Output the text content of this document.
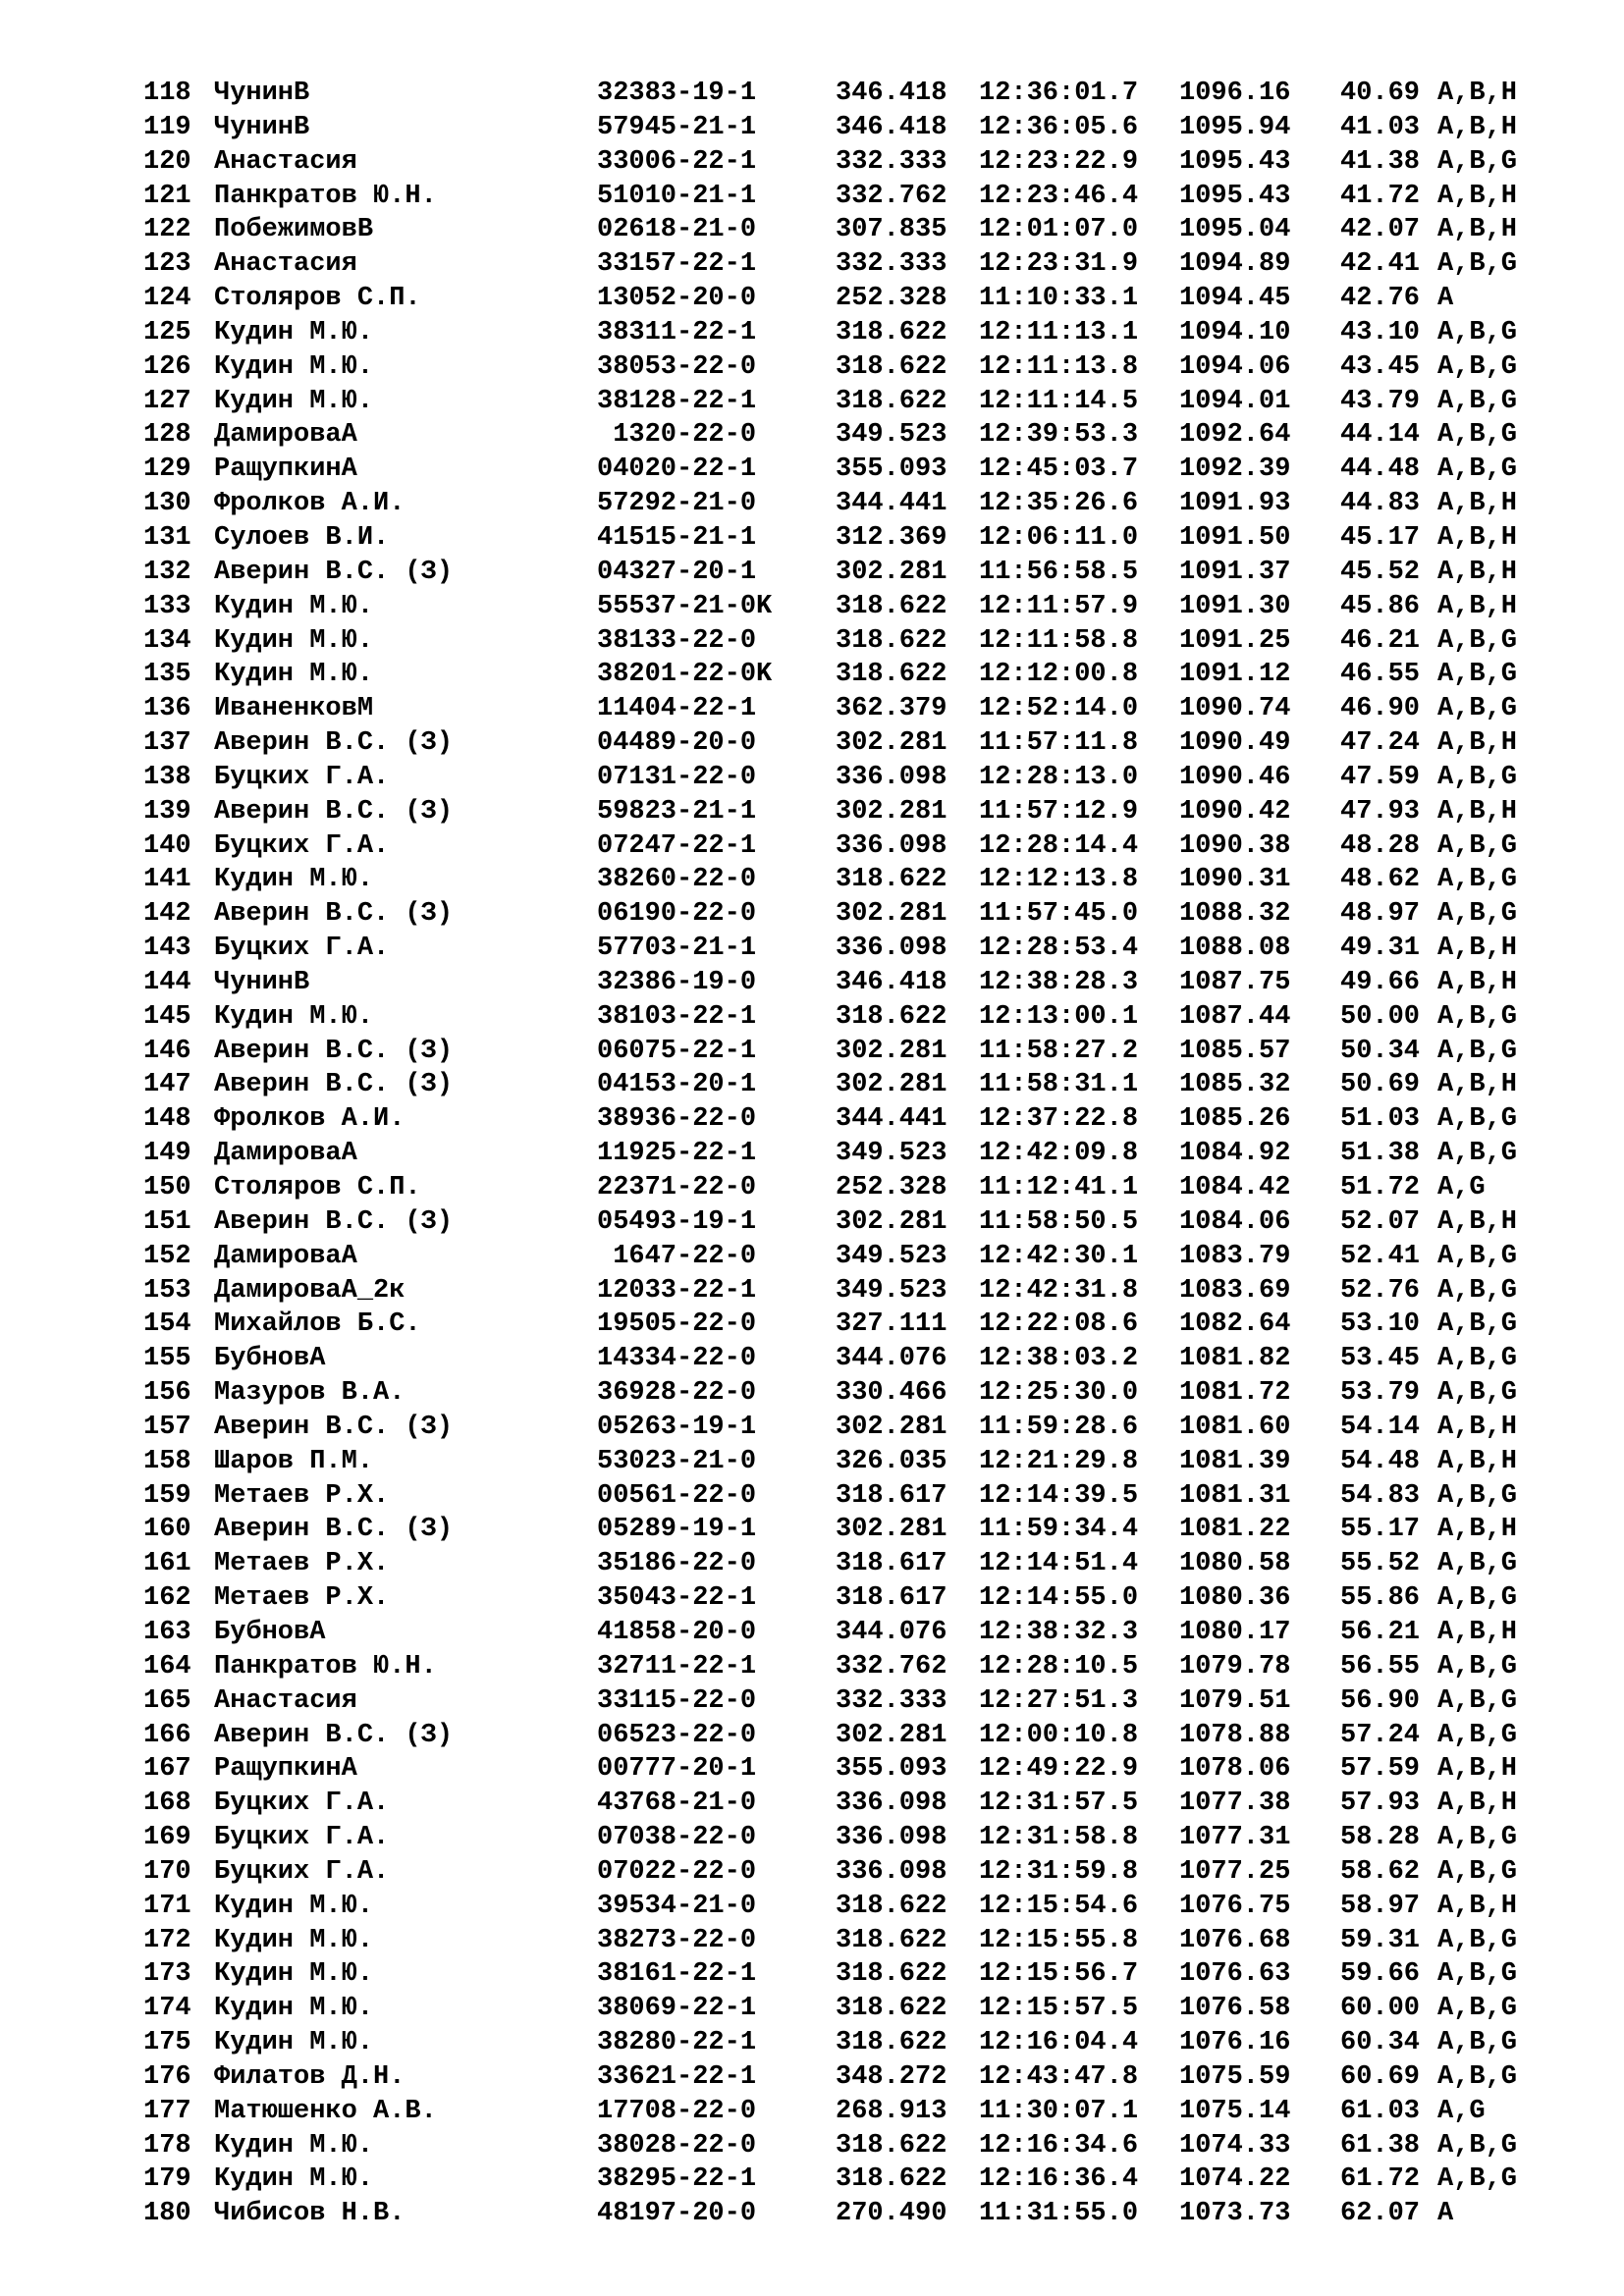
118 ЧунинВ	32383-19-1	346.418 12:36:01.7 1096.16 40.69 A,B,H
119 ЧунинВ	57945-21-1	346.418 12:36:05.6 1095.94 41.03 A,B,H
120 Анастасия	33006-22-1	332.333 12:23:22.9 1095.43 41.38 A,B,G
121 Панкратов Ю.Н.	51010-21-1	332.762 12:23:46.4 1095.43 41.72 A,B,H
122 ПобежимовВ	02618-21-0	307.835 12:01:07.0 1095.04 42.07 A,B,H
123 Анастасия	33157-22-1	332.333 12:23:31.9 1094.89 42.41 A,B,G
124 Столяров С.П.	13052-20-0	252.328 11:10:33.1 1094.45 42.76 A
125 Кудин М.Ю.	38311-22-1	318.622 12:11:13.1 1094.10 43.10 A,B,G
126 Кудин М.Ю.	38053-22-0	318.622 12:11:13.8 1094.06 43.45 A,B,G
127 Кудин М.Ю.	38128-22-1	318.622 12:11:14.5 1094.01 43.79 A,B,G
128 ДамироваА	1320-22-0	349.523 12:39:53.3 1092.64 44.14 A,B,G
129 РащупкинА	04020-22-1	355.093 12:45:03.7 1092.39 44.48 A,B,G
130 Фролков А.И.	57292-21-0	344.441 12:35:26.6 1091.93 44.83 A,B,H
131 Сулоев В.И.	41515-21-1	312.369 12:06:11.0 1091.50 45.17 A,B,H
132 Аверин В.С. (З)	04327-20-1	302.281 11:56:58.5 1091.37 45.52 A,B,H
133 Кудин М.Ю.	55537-21-0K 318.622 12:11:57.9 1091.30 45.86 A,B,H
134 Кудин М.Ю.	38133-22-0	318.622 12:11:58.8 1091.25 46.21 A,B,G
135 Кудин М.Ю.	38201-22-0K 318.622 12:12:00.8 1091.12 46.55 A,B,G
136 ИваненковМ	11404-22-1	362.379 12:52:14.0 1090.74 46.90 A,B,G
137 Аверин В.С. (З)	04489-20-0	302.281 11:57:11.8 1090.49 47.24 A,B,H
138 Буцких Г.А.	07131-22-0	336.098 12:28:13.0 1090.46 47.59 A,B,G
139 Аверин В.С. (З)	59823-21-1	302.281 11:57:12.9 1090.42 47.93 A,B,H
140 Буцких Г.А.	07247-22-1	336.098 12:28:14.4 1090.38 48.28 A,B,G
141 Кудин М.Ю.	38260-22-0	318.622 12:12:13.8 1090.31 48.62 A,B,G
142 Аверин В.С. (З)	06190-22-0	302.281 11:57:45.0 1088.32 48.97 A,B,G
143 Буцких Г.А.	57703-21-1	336.098 12:28:53.4 1088.08 49.31 A,B,H
144 ЧунинВ	32386-19-0	346.418 12:38:28.3 1087.75 49.66 A,B,H
145 Кудин М.Ю.	38103-22-1	318.622 12:13:00.1 1087.44 50.00 A,B,G
146 Аверин В.С. (З)	06075-22-1	302.281 11:58:27.2 1085.57 50.34 A,B,G
147 Аверин В.С. (З)	04153-20-1	302.281 11:58:31.1 1085.32 50.69 A,B,H
148 Фролков А.И.	38936-22-0	344.441 12:37:22.8 1085.26 51.03 A,B,G
149 ДамироваА	11925-22-1	349.523 12:42:09.8 1084.92 51.38 A,B,G
150 Столяров С.П.	22371-22-0	252.328 11:12:41.1 1084.42 51.72 A,G
151 Аверин В.С. (З)	05493-19-1	302.281 11:58:50.5 1084.06 52.07 A,B,H
152 ДамироваА	1647-22-0	349.523 12:42:30.1 1083.79 52.41 A,B,G
153 ДамироваА_2к	12033-22-1	349.523 12:42:31.8 1083.69 52.76 A,B,G
154 Михайлов Б.С.	19505-22-0	327.111 12:22:08.6 1082.64 53.10 A,B,G
155 БубновА	14334-22-0	344.076 12:38:03.2 1081.82 53.45 A,B,G
156 Мазуров В.А.	36928-22-0	330.466 12:25:30.0 1081.72 53.79 A,B,G
157 Аверин В.С. (З)	05263-19-1	302.281 11:59:28.6 1081.60 54.14 A,B,H
158 Шаров П.М.	53023-21-0	326.035 12:21:29.8 1081.39 54.48 A,B,H
159 Метаев Р.Х.	00561-22-0	318.617 12:14:39.5 1081.31 54.83 A,B,G
160 Аверин В.С. (З)	05289-19-1	302.281 11:59:34.4 1081.22 55.17 A,B,H
161 Метаев Р.Х.	35186-22-0	318.617 12:14:51.4 1080.58 55.52 A,B,G
162 Метаев Р.Х.	35043-22-1	318.617 12:14:55.0 1080.36 55.86 A,B,G
163 БубновА	41858-20-0	344.076 12:38:32.3 1080.17 56.21 A,B,H
164 Панкратов Ю.Н.	32711-22-1	332.762 12:28:10.5 1079.78 56.55 A,B,G
165 Анастасия	33115-22-0	332.333 12:27:51.3 1079.51 56.90 A,B,G
166 Аверин В.С. (З)	06523-22-0	302.281 12:00:10.8 1078.88 57.24 A,B,G
167 РащупкинА	00777-20-1	355.093 12:49:22.9 1078.06 57.59 A,B,H
168 Буцких Г.А.	43768-21-0	336.098 12:31:57.5 1077.38 57.93 A,B,H
169 Буцких Г.А.	07038-22-0	336.098 12:31:58.8 1077.31 58.28 A,B,G
170 Буцких Г.А.	07022-22-0	336.098 12:31:59.8 1077.25 58.62 A,B,G
171 Кудин М.Ю.	39534-21-0	318.622 12:15:54.6 1076.75 58.97 A,B,H
172 Кудин М.Ю.	38273-22-0	318.622 12:15:55.8 1076.68 59.31 A,B,G
173 Кудин М.Ю.	38161-22-1	318.622 12:15:56.7 1076.63 59.66 A,B,G
174 Кудин М.Ю.	38069-22-1	318.622 12:15:57.5 1076.58 60.00 A,B,G
175 Кудин М.Ю.	38280-22-1	318.622 12:16:04.4 1076.16 60.34 A,B,G
176 Филатов Д.Н.	33621-22-1	348.272 12:43:47.8 1075.59 60.69 A,B,G
177 Матюшенко А.В.	17708-22-0	268.913 11:30:07.1 1075.14 61.03 A,G
178 Кудин М.Ю.	38028-22-0	318.622 12:16:34.6 1074.33 61.38 A,B,G
179 Кудин М.Ю.	38295-22-1	318.622 12:16:36.4 1074.22 61.72 A,B,G
180 Чибисов Н.В.	48197-20-0	270.490 11:31:55.0 1073.73 62.07 A
